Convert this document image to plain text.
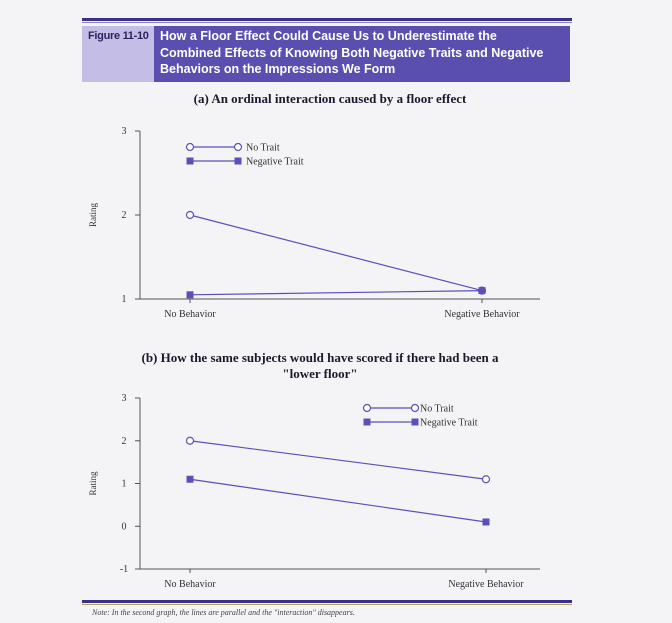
Figure 11-10 How a Floor Effect Could Cause Us to Underestimate the Combined Effects of Knowing Both Negative Traits and Negative Behaviors on the Impressions We Form
(a) An ordinal interaction caused by a floor effect
(b) How the same subjects would have scored if there had been a "lower floor"
1
2
3
No Behavior	Negative Behavior
Rating
No Trait
Negative Trait
-1
0
1
2
3
No Behavior	Negative Behavior
Rating
No Trait
Negative Trait
Note: In the second graph, the lines are parallel and the "interaction" disappears.
